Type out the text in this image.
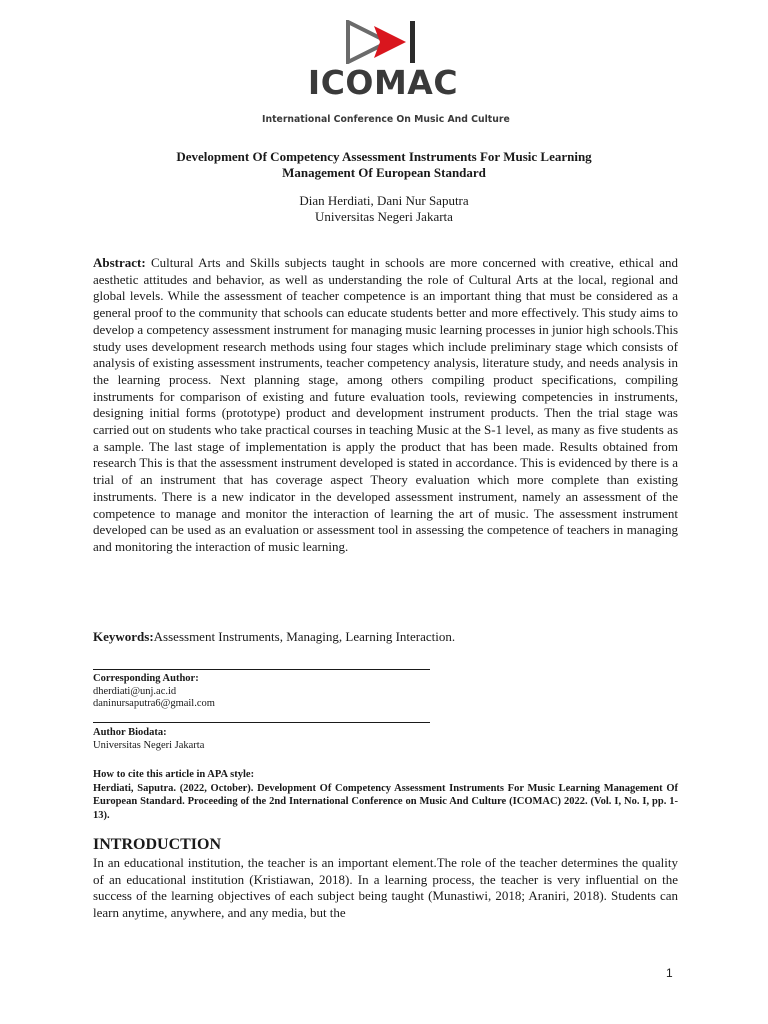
ICOMAC
International Conference On Music And Culture
Development Of Competency Assessment Instruments For Music Learning
Management Of European Standard
Dian Herdiati, Dani Nur Saputra
Universitas Negeri Jakarta
Abstract: Cultural Arts and Skills subjects taught in schools are more concerned with creative, ethical and aesthetic attitudes and behavior, as well as understanding the role of Cultural Arts at the local, regional and global levels. While the assessment of teacher competence is an important thing that must be considered as a general proof to the community that schools can educate students better and more effectively. This study aims to develop a competency assessment instrument for managing music learning processes in junior high schools.This study uses development research methods using four stages which include preliminary stage which consists of analysis of existing assessment instruments, teacher competency analysis, literature study, and needs analysis in the learning process. Next planning stage, among others compiling product specifications, compiling instruments for comparison of existing and future evaluation tools, reviewing competencies in instruments, designing initial forms (prototype) product and development instrument products. Then the trial stage was carried out on students who take practical courses in teaching Music at the S-1 level, as many as five students as a sample. The last stage of implementation is apply the product that has been made. Results obtained from research This is that the assessment instrument developed is stated in accordance. This is evidenced by there is a trial of an instrument that has coverage aspect Theory evaluation which more complete than existing instruments. There is a new indicator in the developed assessment instrument, namely an assessment of the competence to manage and monitor the interaction of learning the art of music. The assessment instrument developed can be used as an evaluation or assessment tool in assessing the competence of teachers in managing and monitoring the interaction of music learning.
Keywords:Assessment Instruments, Managing, Learning Interaction.
Corresponding Author:
dherdiati@unj.ac.id
daninursaputra6@gmail.com
Author Biodata:
Universitas Negeri Jakarta
How to cite this article in APA style:
Herdiati, Saputra. (2022, October). Development Of Competency Assessment Instruments For Music Learning Management Of European Standard. Proceeding of the 2nd International Conference on Music And Culture (ICOMAC) 2022. (Vol. I, No. I, pp. 1-13).
INTRODUCTION
In an educational institution, the teacher is an important element.The role of the teacher determines the quality of an educational institution (Kristiawan, 2018). In a learning process, the teacher is very influential on the success of the learning objectives of each subject being taught (Munastiwi, 2018; Araniri, 2018). Students can learn anytime, anywhere, and any media, but the
1
